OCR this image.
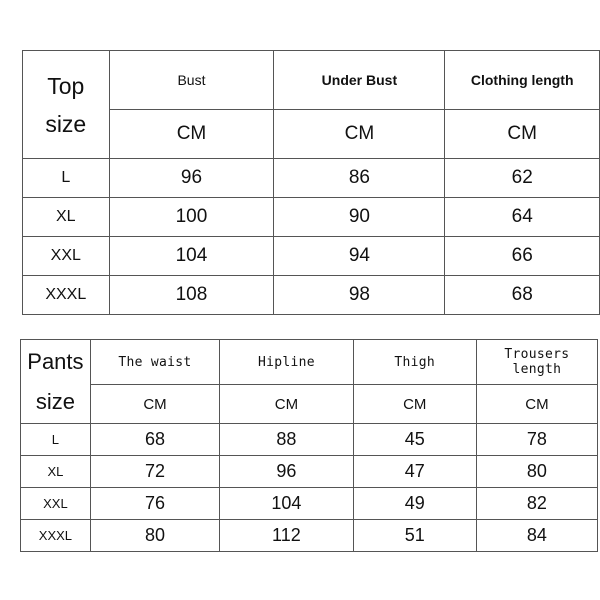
Top
size	Bust	Under Bust	Clothing length
	CM	CM	CM
L	96	86	62
XL	100	90	64
XXL	104	94	66
XXXL	108	98	68
Pants
size	The waist	Hipline	Thigh	Trousers length
	CM	CM	CM	CM
L	68	88	45	78
XL	72	96	47	80
XXL	76	104	49	82
XXXL	80	112	51	84
